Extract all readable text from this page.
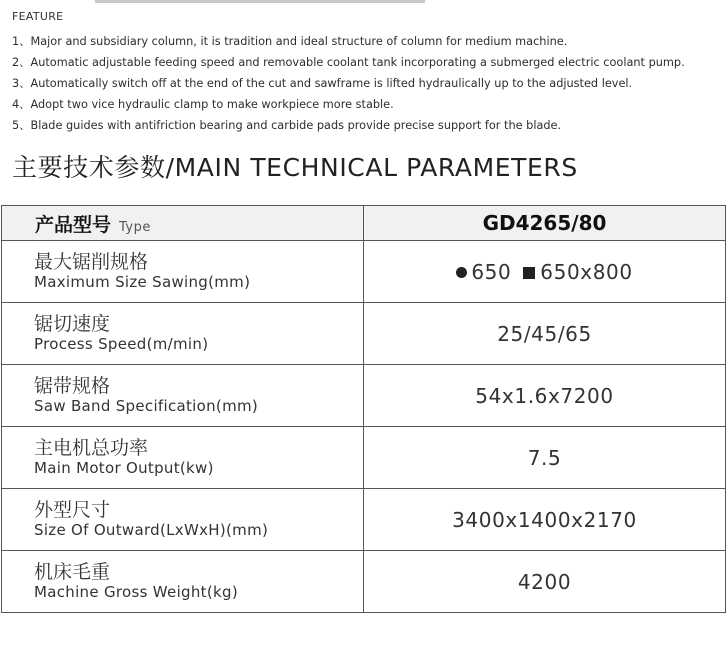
FEATURE
1、Major and subsidiary column, it is tradition and ideal structure of column for medium machine.
2、Automatic adjustable feeding speed and removable coolant tank incorporating a submerged electric coolant pump.
3、Automatically switch off at the end of the cut and sawframe is lifted hydraulically up to the adjusted level.
4、Adopt two vice hydraulic clamp to make workpiece more stable.
5、Blade guides with antifriction bearing and carbide pads provide precise support for the blade.
主要技术参数/MAIN TECHNICAL PARAMETERS
产品型号 Type	GD4265/80

最大锯削规格
Maximum Size Sawing(mm)	650 650x800

锯切速度
Process Speed(m/min)	25/45/65

锯带规格
Saw Band Specification(mm)	54x1.6x7200

主电机总功率
Main Motor Output(kw)	7.5

外型尺寸
Size Of Outward(LxWxH)(mm)	3400x1400x2170

机床毛重
Machine Gross Weight(kg)	4200
